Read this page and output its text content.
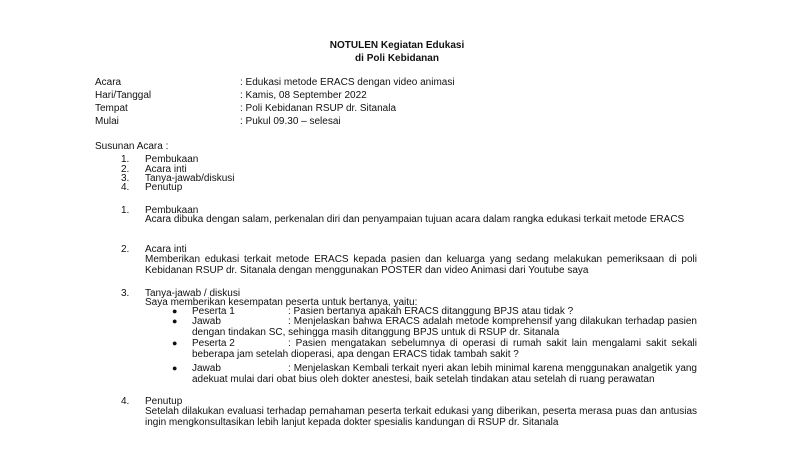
NOTULEN Kegiatan Edukasi
di Poli Kebidanan
Acara	: Edukasi metode ERACS dengan video animasi
Hari/Tanggal	: Kamis, 08 September 2022
Tempat	: Poli Kebidanan RSUP dr. Sitanala
Mulai	: Pukul 09.30 – selesai
Susunan Acara :
1.	Pembukaan
2.	Acara inti
3.	Tanya-jawab/diskusi
4.	Penutup
1.	Pembukaan
Acara dibuka dengan salam, perkenalan diri dan penyampaian tujuan acara dalam rangka edukasi terkait metode ERACS
2.	Acara inti
Memberikan edukasi terkait metode ERACS kepada pasien dan keluarga yang sedang melakukan pemeriksaan di poli Kebidanan RSUP dr. Sitanala dengan menggunakan POSTER dan video Animasi dari Youtube saya
3.	Tanya-jawab / diskusi
Saya memberikan kesempatan peserta untuk bertanya, yaitu:
● Peserta 1	: Pasien bertanya apakah ERACS ditanggung BPJS atau tidak ?
● Jawab	: Menjelaskan bahwa ERACS adalah metode komprehensif yang dilakukan terhadap pasien dengan tindakan SC, sehingga masih ditanggung BPJS untuk di RSUP dr. Sitanala
● Peserta 2	: Pasien mengatakan sebelumnya di operasi di rumah sakit lain mengalami sakit sekali beberapa jam setelah dioperasi, apa dengan ERACS tidak tambah sakit ?
● Jawab	: Menjelaskan Kembali terkait nyeri akan lebih minimal karena menggunakan analgetik yang adekuat mulai dari obat bius oleh dokter anestesi, baik setelah tindakan atau setelah di ruang perawatan
4.	Penutup
Setelah dilakukan evaluasi terhadap pemahaman peserta terkait edukasi yang diberikan, peserta merasa puas dan antusias ingin mengkonsultasikan lebih lanjut kepada dokter spesialis kandungan di RSUP dr. Sitanala
